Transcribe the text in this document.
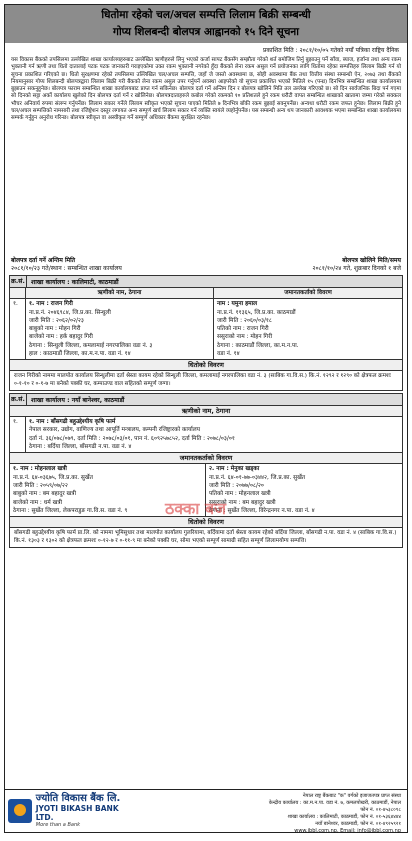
धितोमा रहेको चल/अचल सम्पत्ति लिलाम बिक्री सम्बन्धी
गोप्य शिलबन्दी बोलपत्र आह्वानको १५ दिने सूचना
प्रकाशित मिति : २०८१/१०/०५ गतेको नयाँ पत्रिका राष्ट्रिय दैनिक
यस विकास बैंकको तपसिलमा उल्लेखित शाखा कार्यालयहरुबाट उल्लेखित ऋणीहरुले लिनु भएको कर्जा सापट बैंकसँग सम्झौता गरेको शर्त बमोजिम तिर्नु बुझाउनु पर्ने साँवा, ब्याज, हर्जाना तथा अन्य रकम भुक्तानी गर्न ऋणी तथा धितो दातालाई पटक पटक जानकारी गराइएकोमा उक्त रकम भुक्तानी नगरेको हुँदा बैंकको लेना रकम असुल गर्ने प्रयोजनका लागि धितोमा रहेका सम्पत्तिहरु लिलाम बिक्री गर्न यो सूचना प्रकाशित गरिएको छ। धितो सुरक्षणमा रहेको तपसिलमा उल्लिखित चल/अचल सम्पत्ति, जहाँ जे जस्तो अवस्थामा छ, सोही अवस्थामा बैंक तथा वित्तीय संस्था सम्बन्धी ऐन, २०७३ तथा बैंकको नियमानुसार गोप्य शिलबन्दी बोलपत्रद्वारा लिलाम बिक्री गरी बैंकको लेना रकम असुल उपर गर्नुपर्ने अवस्था आइपरेको यो सूचना प्रकाशित भएको मितिले १५ (पन्ध्र) दिनभित्र सम्बन्धित शाखा कार्यालयमा बुझाउन सकनुहुनेछ। बोलपत्र फाराम सम्बन्धित शाखा कार्यालयबाट प्राप्त गर्न सकिनेछ। बोलपत्र दर्ता गर्ने अन्तिम दिन र बोलपत्र खोलिने मिति तल उल्लेख गरिएको छ। सो दिन सार्वजनिक बिदा पर्न गएमा सो दिनको सट्टा अर्को कार्यालय खुलेको दिन बोलपत्र दर्ता गर्ने र खोलिनेछ। बोलपत्रदाताहरुले कबोल गरेको रकमको १० प्रतिशतले हुने रकम धरौटी वापत सम्बन्धित शाखाको खातामा जम्मा गरेको सक्कल भौचर अनिवार्य रुपमा संलग्न गर्नुपर्नेछ। लिलाम सकार गर्नेले लिलाम स्वीकृत भएको सूचना पाएको मितिले ७ दिनभित्र बाँकी रकम बुझाई सक्नुपर्नेछ। अन्यथा धरौटी रकम जफत हुनेछ। लिलाम बिक्री हुने चल/अचल सम्पत्तिको नामसारी तथा रजिष्ट्रेशन दस्तुर लगायत अन्य सम्पूर्ण खर्च लिलाम सकार गर्ने व्यक्ति स्वयंले व्यहोर्नुपर्नेछ। यस सम्बन्धी अन्य थप जानकारी आवश्यक भएमा सम्बन्धित शाखा कार्यालयमा सम्पर्क गर्नुहुन अनुरोध गरिन्छ। बोलपत्र स्वीकृत वा अस्वीकृत गर्ने सम्पूर्ण अधिकार बैंकमा सुरक्षित रहनेछ।
बोलपत्र दर्ता गर्ने अन्तिम मिति	बोलपत्र खोलिने मिति/समय
२०८१/१०/२३ गते/स्थान : सम्बन्धित शाखा कार्यालय	२०८१/१०/२४ गते, शुक्रबार दिनको १ बजे
क्र.सं. शाखा कार्यालय : कालिमाटी, काठमाडौं
ऋणीको नाम, ठेगाना	जमानतकर्ताको विवरण
१.	१. नाम : राजन गिरी
ना.प्र.नं. २०४६९८४, जि.प्र.का. सिन्धुली
जारी मिति : २०६२/०२/२३
बाबुको नाम : मोहन गिरी
बाजेको नाम : हर्क बहादुर गिरी
ठेगाना : सिन्धुली जिल्ला, कमलामाई नगरपालिका वडा नं. ३
हाल : काठमाडौं जिल्ला, का.म.न.पा. वडा नं. १४
नाम : यमुना हमाल
ना.प्र.नं. ११३६५, जि.प्र.का. काठमाडौं
जारी मिति : २०६०/०३/१८
पतिको नाम : राजन गिरी
ससुराको नाम : मोहन गिरी
ठेगाना : काठमाडौं जिल्ला, का.म.न.पा.
वडा नं. १४
धितोको विवरण
राजन गिरीको नाममा मालपोत कार्यालय सिन्धुलीमा दर्ता श्रेस्ता कायम रहेको सिन्धुली जिल्ला, कमलामाई नगरपालिका वडा नं. ३ (साबिक गा.वि.स.) कि.नं. १२९२ र १२९० को क्षेत्रफल क्रमशः ०-१-१० र ०-१-७ मा बनेको पक्की घर, कम्पाउण्ड वाल सहितको सम्पूर्ण जग्गा।
क्र.सं. शाखा कार्यालय : नयाँ बानेश्वर, काठमाडौं
ऋणीको नाम, ठेगाना
१.	१. नाम : बाँसगढी बहुउद्देश्यीय कृषि फार्म
नेपाल सरकार, उद्योग, वाणिज्य तथा आपूर्ति मन्त्रालय, कम्पनी रजिष्ट्रारको कार्यालय
दर्ता नं. ३६/०७८/०७९, दर्ता मिति : २०७८/०३/०१, पान नं. ६०९२५७८५२, दर्ता मिति : २०७८/०३/०१
ठेगाना : बर्दिया जिल्ला, बाँसगढी न.पा. वडा नं. ४
जमानतकर्ताको विवरण
१. नाम : मोहनलाल खत्री
ना.प्र.नं. ६४-०३६७५, जि.प्र.का. सुर्खेत
जारी मिति : २०५९/०७/२२
बाबुको नाम : बम बहादुर खत्री
बाजेको नाम : धर्म खत्री
ठेगाना : सुर्खेत जिल्ला, लेकपराडुङ गा.वि.स. वडा नं. ९
२. नाम : मेनुका खड्का
ना.प्र.नं. ६४-०१-७७-०३४४२, जि.प्र.का. सुर्खेत
जारी मिति : २०७७/०८/२०
पतिको नाम : मोहनलाल खत्री
ससुराको नाम : बम बहादुर खत्री
ठेगाना : सुर्खेत जिल्ला, विरेन्द्रनगर न.पा. वडा नं. ४
धितोको विवरण
बाँसगढी बहुउद्देश्यीय कृषि फार्म प्रा.लि. को नाममा भूमिसुधार तथा मालपोत कार्यालय गुलरियामा, बर्दियामा दर्ता श्रेस्ता कायम रहेको बर्दिया जिल्ला, बाँसगढी न.पा. वडा नं. ४ (साबिक गा.वि.स.) कि.नं. १३०३ र १३०२ को क्षेत्रफल क्रमशः ०-१२-७ र ०-११-९ मा बनेको पक्की घर, सोमा भएको सम्पूर्ण सामाग्री सहित सम्पूर्ण लिलामयोग्य सम्पत्ति।
ठक्का बज
ज्योति विकास बैंक लि.
JYOTI BIKASH BANK LTD.
More than a Bank
नेपाल राष्ट्र बैंकबाट "क" वर्गको इजाजतपत्र प्राप्त संस्था
केन्द्रीय कार्यालय : का.म.न.पा. वडा नं. ७, कमलपोखरी, काठमाडौं, नेपाल
फोन नं. ०१-४५३८०९८
शाखा कार्यालय : कालिमाटी, काठमाडौं, फोन नं. ०१-५३६४४४४
नयाँ बानेश्वर, काठमाडौं, फोन नं. ०१-४९२५९२१
www.jbbl.com.np, Email: info@jbbl.com.np
